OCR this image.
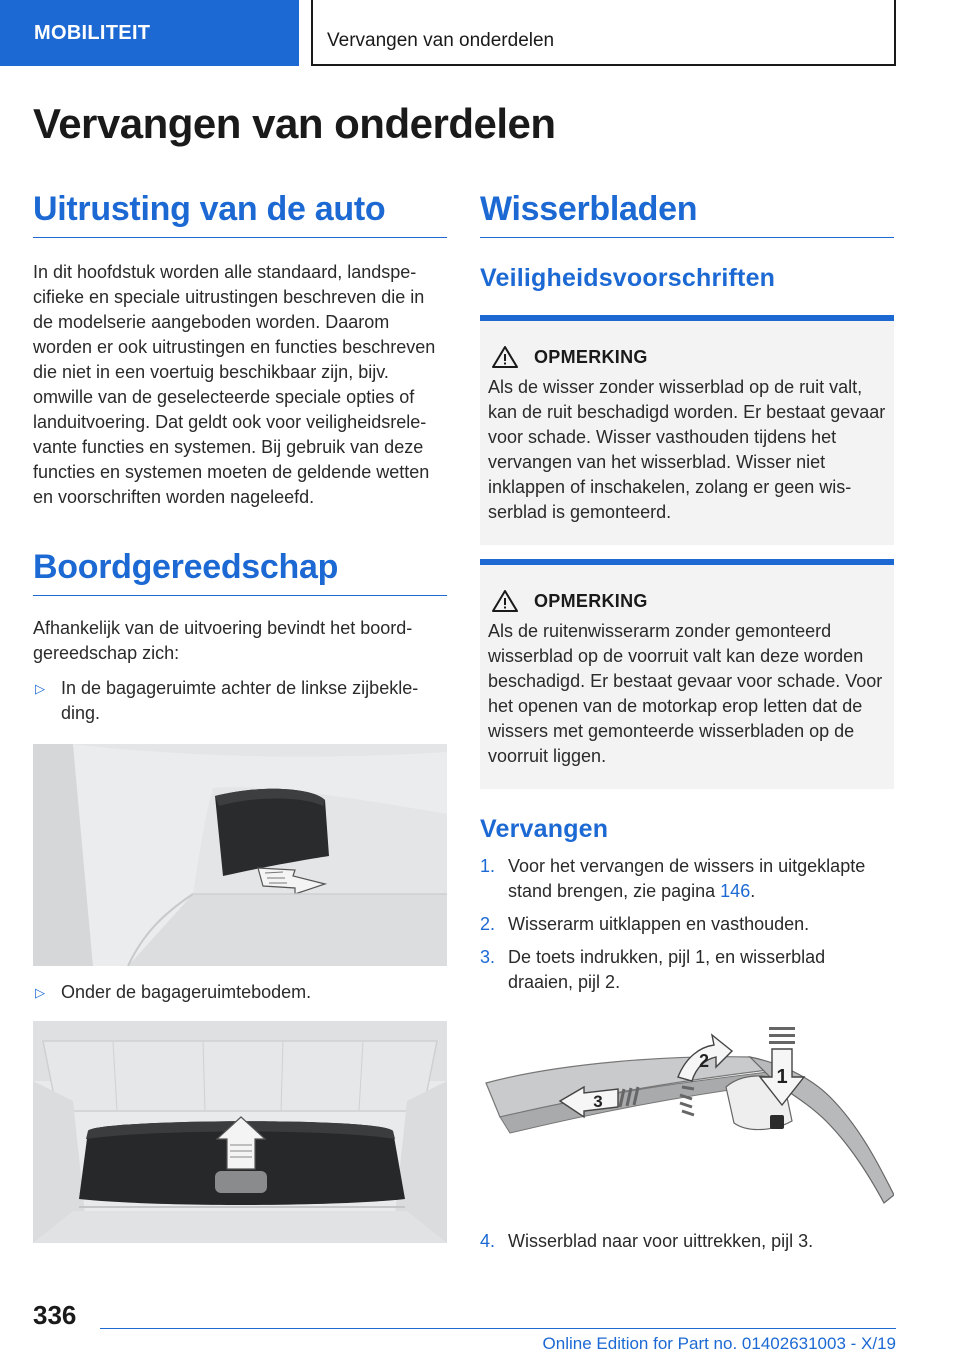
MOBILITEIT	Vervangen van onderdelen
Vervangen van onderdelen
Uitrusting van de auto
In dit hoofdstuk worden alle standaard, landspecifieke en speciale uitrustingen beschreven die in de modelserie aangeboden worden. Daarom worden er ook uitrustingen en functies beschreven die niet in een voertuig beschikbaar zijn, bijv. omwille van de geselecteerde speciale opties of landuitvoering. Dat geldt ook voor veiligheidsrelevante functies en systemen. Bij gebruik van deze functies en systemen moeten de geldende wetten en voorschriften worden nageleefd.
Boordgereedschap
Afhankelijk van de uitvoering bevindt het boordgereedschap zich:
▷ In de bagageruimte achter de linkse zijbekleding.
▷ Onder de bagageruimtebodem.
Wisserbladen
Veiligheidsvoorschriften
OPMERKING
Als de wisser zonder wisserblad op de ruit valt, kan de ruit beschadigd worden. Er bestaat gevaar voor schade. Wisser vasthouden tijdens het vervangen van het wisserblad. Wisser niet inklappen of inschakelen, zolang er geen wisserblad is gemonteerd.
OPMERKING
Als de ruitenwisserarm zonder gemonteerd wisserblad op de voorruit valt kan deze worden beschadigd. Er bestaat gevaar voor schade. Voor het openen van de motorkap erop letten dat de wissers met gemonteerde wisserbladen op de voorruit liggen.
Vervangen
1. Voor het vervangen de wissers in uitgeklapte stand brengen, zie pagina 146.
2. Wisserarm uitklappen en vasthouden.
3. De toets indrukken, pijl 1, en wisserblad draaien, pijl 2.
1
2
3
4. Wisserblad naar voor uittrekken, pijl 3.
336
Online Edition for Part no. 01402631003 - X/19
